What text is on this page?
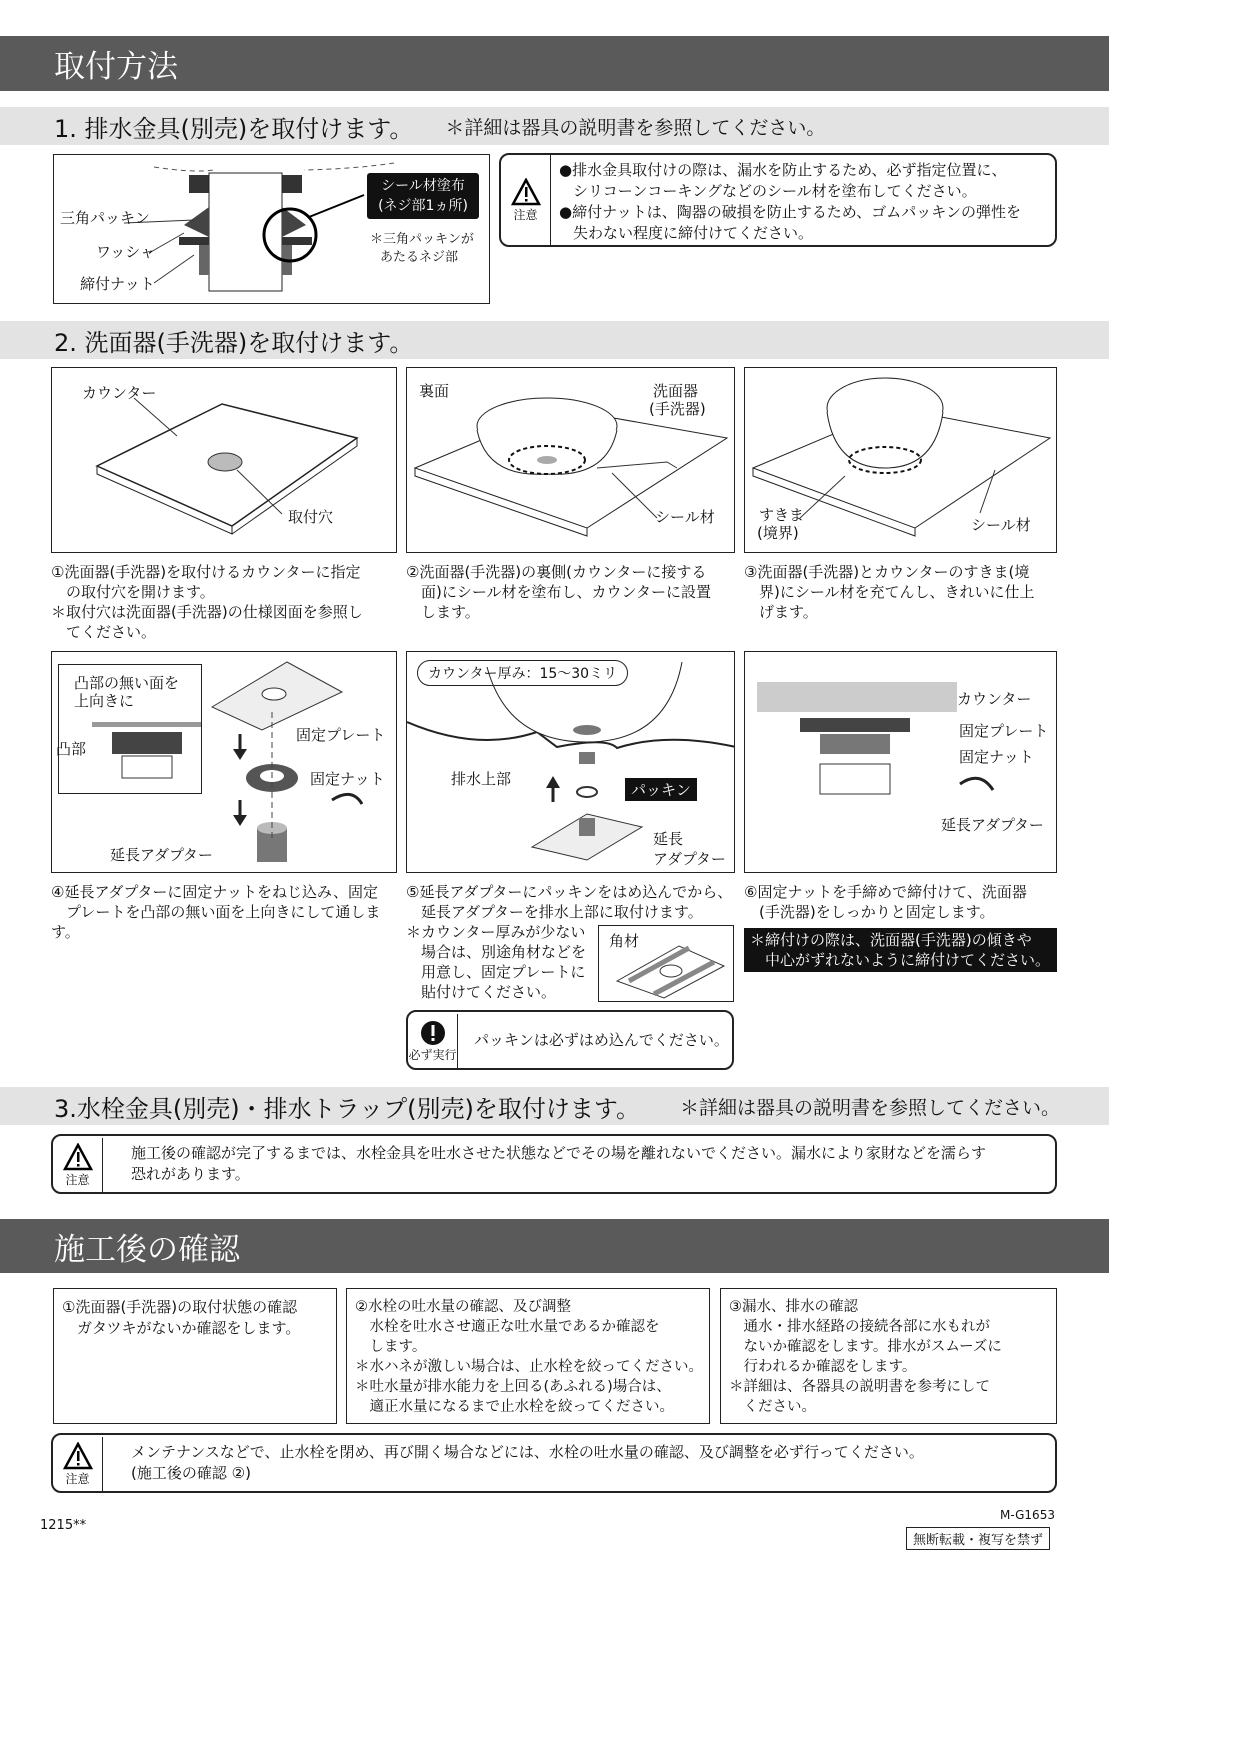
取付方法
1. 排水金具(別売)を取付けます。 ＊詳細は器具の説明書を参照してください。
三角パッキン
ワッシャ
締付ナット
シール材塗布
(ネジ部1ヵ所)
＊三角パッキンが
あたるネジ部
注意
●排水金具取付けの際は、漏水を防止するため、必ず指定位置に、
シリコーンコーキングなどのシール材を塗布してください。
●締付ナットは、陶器の破損を防止するため、ゴムパッキンの弾性を
失わない程度に締付けてください。
2. 洗面器(手洗器)を取付けます。
カウンター
取付穴
裏面	洗面器
(手洗器)
シール材	すきま
(境界)	シール材
①洗面器(手洗器)を取付けるカウンターに指定
　の取付穴を開けます。
＊取付穴は洗面器(手洗器)の仕様図面を参照し
　てください。
②洗面器(手洗器)の裏側(カウンターに接する
　面)にシール材を塗布し、カウンターに設置
　します。
③洗面器(手洗器)とカウンターのすきま(境
　界)にシール材を充てんし、きれいに仕上
　げます。
凸部の無い面を
上向きに
凸部
固定プレート
固定ナット
延長アダプター
カウンター厚み：15〜30ミリ
排水上部
パッキン
延長
アダプター
カウンター
固定プレート
固定ナット
延長アダプター
④延長アダプターに固定ナットをねじ込み、固定
　プレートを凸部の無い面を上向きにして通します。
⑤延長アダプターにパッキンをはめ込んでから、
　延長アダプターを排水上部に取付けます。
⑥固定ナットを手締めで締付けて、洗面器
　(手洗器)をしっかりと固定します。
＊カウンター厚みが少ない
　場合は、別途角材などを
　用意し、固定プレートに
　貼付けてください。
角材	＊締付けの際は、洗面器(手洗器)の傾きや
　中心がずれないように締付けてください。
必ず実行
パッキンは必ずはめ込んでください。
3.水栓金具(別売)・排水トラップ(別売)を取付けます。 ＊詳細は器具の説明書を参照してください。
注意
施工後の確認が完了するまでは、水栓金具を吐水させた状態などでその場を離れないでください。漏水により家財などを濡らす
恐れがあります。
施工後の確認
①洗面器(手洗器)の取付状態の確認
　ガタツキがないか確認をします。
②水栓の吐水量の確認、及び調整
　水栓を吐水させ適正な吐水量であるか確認を
　します。
＊水ハネが激しい場合は、止水栓を絞ってください。
＊吐水量が排水能力を上回る(あふれる)場合は、
　適正水量になるまで止水栓を絞ってください。
③漏水、排水の確認
　通水・排水経路の接続各部に水もれが
　ないか確認をします。排水がスムーズに
　行われるか確認をします。
＊詳細は、各器具の説明書を参考にして
　ください。
注意
メンテナンスなどで、止水栓を閉め、再び開く場合などには、水栓の吐水量の確認、及び調整を必ず行ってください。
(施工後の確認 ②)
1215**
M-G1653
無断転載・複写を禁ず
